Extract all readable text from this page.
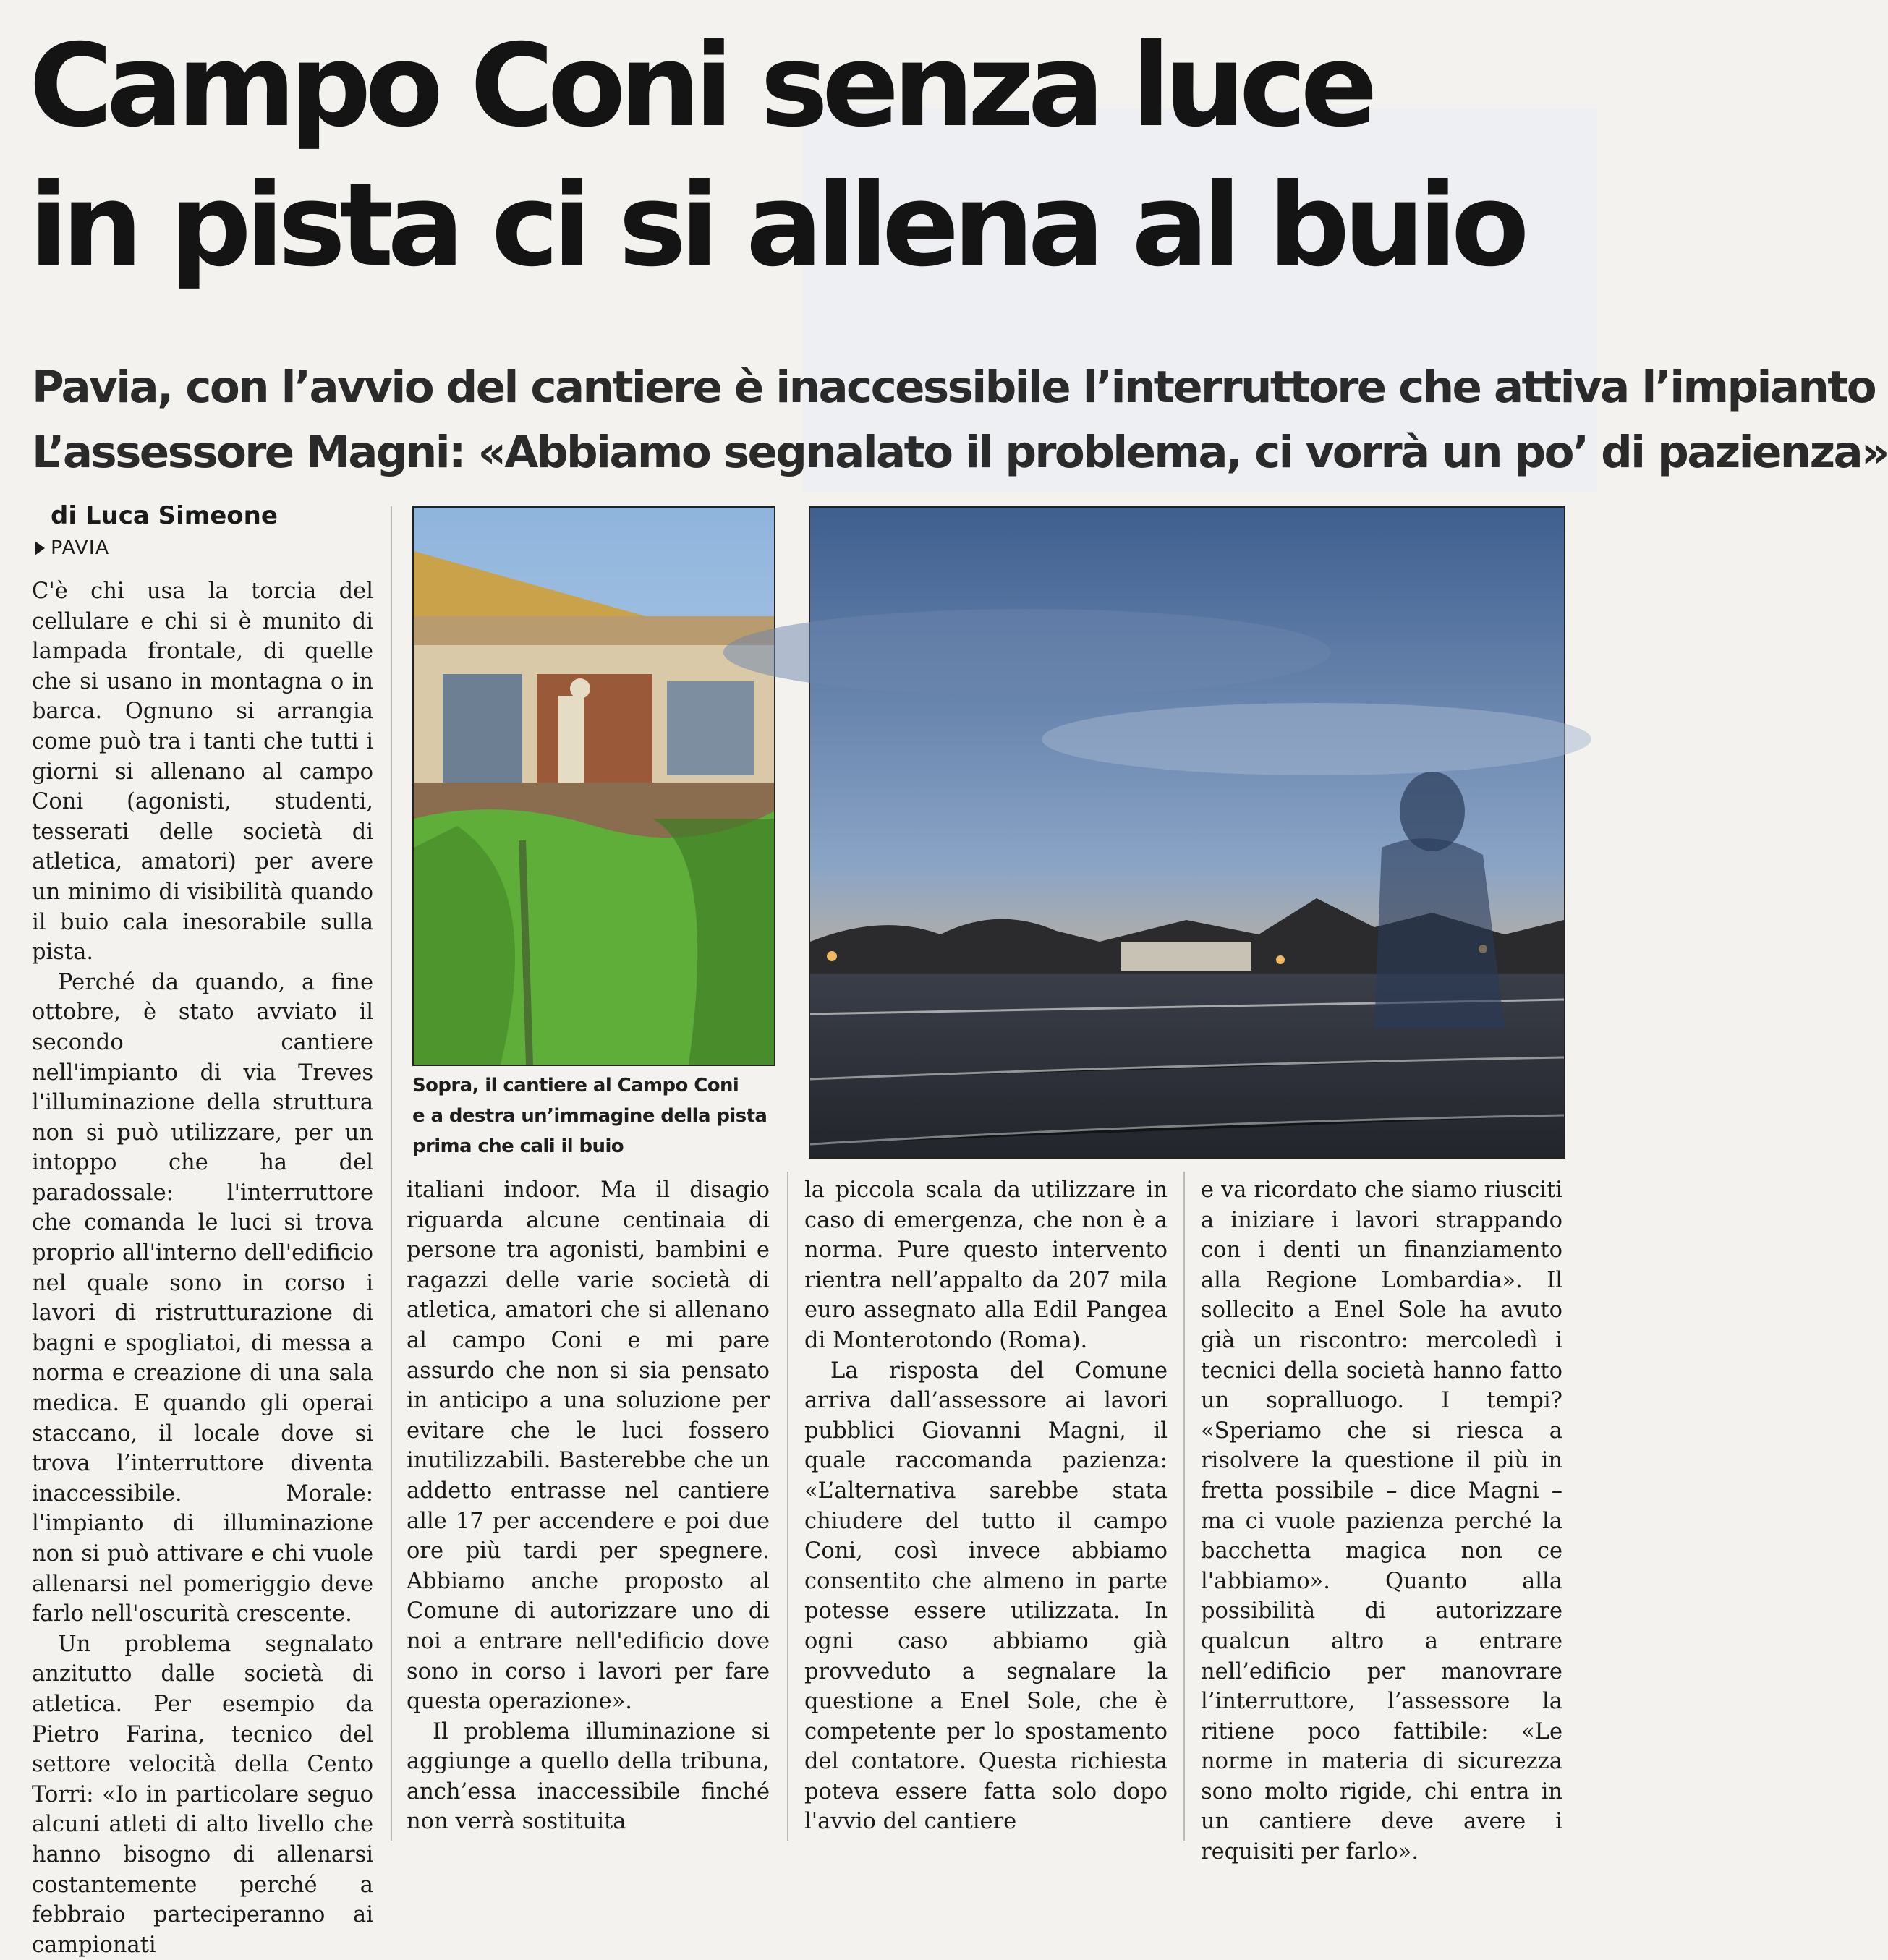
Campo Coni senza luce
in pista ci si allena al buio
Pavia, con l’avvio del cantiere è inaccessibile l’interruttore che attiva l’impianto
L’assessore Magni: «Abbiamo segnalato il problema, ci vorrà un po’ di pazienza»
di Luca Simeone
PAVIA

C'è chi usa la torcia del cellulare e chi si è munito di lampada frontale, di quelle che si usano in montagna o in barca. Ognuno si arrangia come può tra i tanti che tutti i giorni si allenano al campo Coni (agonisti, studenti, tesserati delle società di atletica, amatori) per avere un minimo di visibilità quando il buio cala inesorabile sulla pista.

Perché da quando, a fine ottobre, è stato avviato il secondo cantiere nell'impianto di via Treves l'illuminazione della struttura non si può utilizzare, per un intoppo che ha del paradossale: l'interruttore che comanda le luci si trova proprio all'interno dell'edificio nel quale sono in corso i lavori di ristrutturazione di bagni e spogliatoi, di messa a norma e creazione di una sala medica. E quando gli operai staccano, il locale dove si trova l’interruttore diventa inaccessibile. Morale: l'impianto di illuminazione non si può attivare e chi vuole allenarsi nel pomeriggio deve farlo nell'oscurità crescente.

Un problema segnalato anzitutto dalle società di atletica. Per esempio da Pietro Farina, tecnico del settore velocità della Cento Torri: «Io in particolare seguo alcuni atleti di alto livello che hanno bisogno di allenarsi costantemente perché a febbraio parteciperanno ai campionati

Sopra, il cantiere al Campo Coni
e a destra un’immagine della pista
prima che cali il buio

italiani indoor. Ma il disagio riguarda alcune centinaia di persone tra agonisti, bambini e ragazzi delle varie società di atletica, amatori che si allenano al campo Coni e mi pare assurdo che non si sia pensato in anticipo a una soluzione per evitare che le luci fossero inutilizzabili. Basterebbe che un addetto entrasse nel cantiere alle 17 per accendere e poi due ore più tardi per spegnere. Abbiamo anche proposto al Comune di autorizzare uno di noi a entrare nell'edificio dove sono in corso i lavori per fare questa operazione».

Il problema illuminazione si aggiunge a quello della tribuna, anch’essa inaccessibile finché non verrà sostituita

la piccola scala da utilizzare in caso di emergenza, che non è a norma. Pure questo intervento rientra nell’appalto da 207 mila euro assegnato alla Edil Pangea di Monterotondo (Roma).

La risposta del Comune arriva dall’assessore ai lavori pubblici Giovanni Magni, il quale raccomanda pazienza: «L’alternativa sarebbe stata chiudere del tutto il campo Coni, così invece abbiamo consentito che almeno in parte potesse essere utilizzata. In ogni caso abbiamo già provveduto a segnalare la questione a Enel Sole, che è competente per lo spostamento del contatore. Questa richiesta poteva essere fatta solo dopo l'avvio del cantiere

e va ricordato che siamo riusciti a iniziare i lavori strappando con i denti un finanziamento alla Regione Lombardia». Il sollecito a Enel Sole ha avuto già un riscontro: mercoledì i tecnici della società hanno fatto un sopralluogo. I tempi? «Speriamo che si riesca a risolvere la questione il più in fretta possibile – dice Magni – ma ci vuole pazienza perché la bacchetta magica non ce l'abbiamo». Quanto alla possibilità di autorizzare qualcun altro a entrare nell’edificio per manovrare l’interruttore, l’assessore la ritiene poco fattibile: «Le norme in materia di sicurezza sono molto rigide, chi entra in un cantiere deve avere i requisiti per farlo».
